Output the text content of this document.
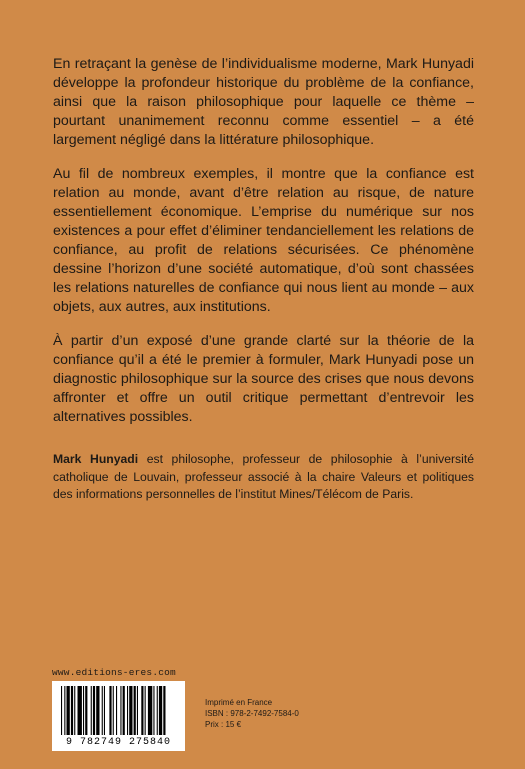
En retraçant la genèse de l’individualisme moderne, Mark Hunyadi développe la profondeur historique du problème de la confiance, ainsi que la raison philosophique pour laquelle ce thème – pourtant unanimement reconnu comme essentiel – a été largement négligé dans la littérature philosophique.

Au fil de nombreux exemples, il montre que la confiance est relation au monde, avant d’être relation au risque, de nature essentiellement économique. L’emprise du numérique sur nos existences a pour effet d’éliminer tendanciellement les relations de confiance, au profit de relations sécurisées. Ce phénomène dessine l’horizon d’une société automatique, d’où sont chassées les relations naturelles de confiance qui nous lient au monde – aux objets, aux autres, aux institutions.

À partir d’un exposé d’une grande clarté sur la théorie de la confiance qu’il a été le premier à formuler, Mark Hunyadi pose un diagnostic philosophique sur la source des crises que nous devons affronter et offre un outil critique permettant d’entrevoir les alternatives possibles.

Mark Hunyadi est philosophe, professeur de philosophie à l’université catholique de Louvain, professeur associé à la chaire Valeurs et politiques des informations personnelles de l’institut Mines/Télécom de Paris.

www.editions-eres.com
9 782749 275840
Imprimé en France
ISBN : 978-2-7492-7584-0
Prix : 15 €
